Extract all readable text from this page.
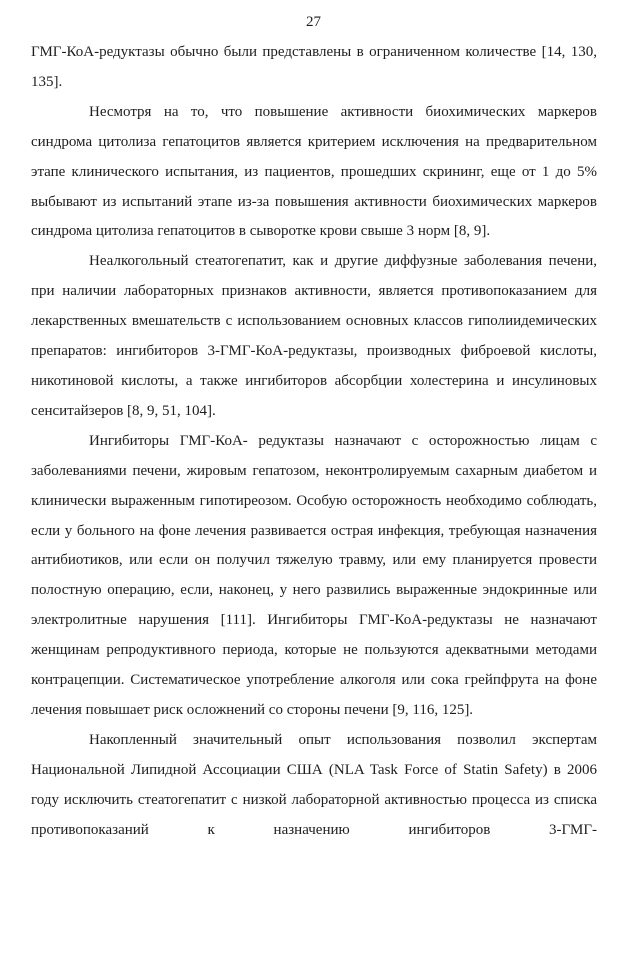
27

ГМГ-КоА-редуктазы обычно были представлены в ограниченном количестве [14, 130, 135].

Несмотря на то, что повышение активности биохимических маркеров синдрома цитолиза гепатоцитов является критерием исключения на предварительном этапе клинического испытания, из пациентов, прошедших скрининг, еще от 1 до 5% выбывают из испытаний этапе из-за повышения активности биохимических маркеров синдрома цитолиза гепатоцитов в сыворотке крови свыше 3 норм [8, 9].

Неалкогольный стеатогепатит, как и другие диффузные заболевания печени, при наличии лабораторных признаков активности, является противопоказанием для лекарственных вмешательств с использованием основных классов гиполиидемических препаратов: ингибиторов 3-ГМГ-КоА-редуктазы, производных фиброевой кислоты, никотиновой кислоты, а также ингибиторов абсорбции холестерина и инсулиновых сенситайзеров [8, 9, 51, 104].

Ингибиторы ГМГ-КоА- редуктазы назначают с осторожностью лицам с заболеваниями печени, жировым гепатозом, неконтролируемым сахарным диабетом и клинически выраженным гипотиреозом. Особую осторожность необходимо соблюдать, если у больного на фоне лечения развивается острая инфекция, требующая назначения антибиотиков, или если он получил тяжелую травму, или ему планируется провести полостную операцию, если, наконец, у него развились выраженные эндокринные или электролитные нарушения [111]. Ингибиторы ГМГ-КоА-редуктазы не назначают женщинам репродуктивного периода, которые не пользуются адекватными методами контрацепции. Систематическое употребление алкоголя или сока грейпфрута на фоне лечения повышает риск осложнений со стороны печени [9, 116, 125].

Накопленный значительный опыт использования позволил экспертам Национальной Липидной Ассоциации США (NLA Task Force of Statin Safety) в 2006 году исключить стеатогепатит с низкой лабораторной активностью процесса из списка противопоказаний к назначению ингибиторов 3-ГМГ-
